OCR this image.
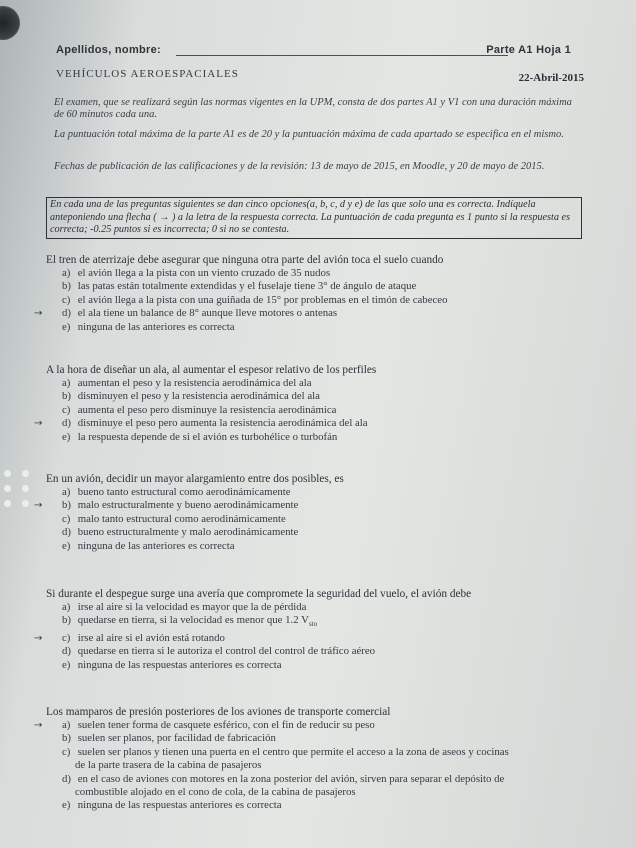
Apellidos, nombre:	Parte A1 Hoja 1
VEHÍCULOS AEROESPACIALES	22-Abril-2015
El examen, que se realizará según las normas vigentes en la UPM, consta de dos partes A1 y V1 con una duración máxima de 60 minutos cada una.
La puntuación total máxima de la parte A1 es de 20 y la puntuación máxima de cada apartado se especifica en el mismo.
Fechas de publicación de las calificaciones y de la revisión: 13 de mayo de 2015, en Moodle, y 20 de mayo de 2015.
En cada una de las preguntas siguientes se dan cinco opciones(a, b, c, d y e) de las que solo una es correcta. Indíquela anteponiendo una flecha ( → ) a la letra de la respuesta correcta. La puntuación de cada pregunta es 1 punto si la respuesta es correcta; -0.25 puntos si es incorrecta; 0 si no se contesta.
El tren de aterrizaje debe asegurar que ninguna otra parte del avión toca el suelo cuando
a) el avión llega a la pista con un viento cruzado de 35 nudos
b) las patas están totalmente extendidas y el fuselaje tiene 3° de ángulo de ataque
c) el avión llega a la pista con una guiñada de 15° por problemas en el timón de cabeceo
→ d) el ala tiene un balance de 8° aunque lleve motores o antenas
e) ninguna de las anteriores es correcta
A la hora de diseñar un ala, al aumentar el espesor relativo de los perfiles
a) aumentan el peso y la resistencia aerodinámica del ala
b) disminuyen el peso y la resistencia aerodinámica del ala
c) aumenta el peso pero disminuye la resistencia aerodinámica
→ d) disminuye el peso pero aumenta la resistencia aerodinámica del ala
e) la respuesta depende de si el avión es turbohélice o turbofán
En un avión, decidir un mayor alargamiento entre dos posibles, es
a) bueno tanto estructural como aerodinámicamente
→ b) malo estructuralmente y bueno aerodinámicamente
c) malo tanto estructural como aerodinámicamente
d) bueno estructuralmente y malo aerodinámicamente
e) ninguna de las anteriores es correcta
Si durante el despegue surge una avería que compromete la seguridad del vuelo, el avión debe
a) irse al aire si la velocidad es mayor que la de pérdida
b) quedarse en tierra, si la velocidad es menor que 1.2 $V_{sto}$
→ c) irse al aire si el avión está rotando
d) quedarse en tierra si le autoriza el control del control de tráfico aéreo
e) ninguna de las respuestas anteriores es correcta
Los mamparos de presión posteriores de los aviones de transporte comercial
→ a) suelen tener forma de casquete esférico, con el fin de reducir su peso
b) suelen ser planos, por facilidad de fabricación
c) suelen ser planos y tienen una puerta en el centro que permite el acceso a la zona de aseos y cocinas
de la parte trasera de la cabina de pasajeros
d) en el caso de aviones con motores en la zona posterior del avión, sirven para separar el depósito de
combustible alojado en el cono de cola, de la cabina de pasajeros
e) ninguna de las respuestas anteriores es correcta
